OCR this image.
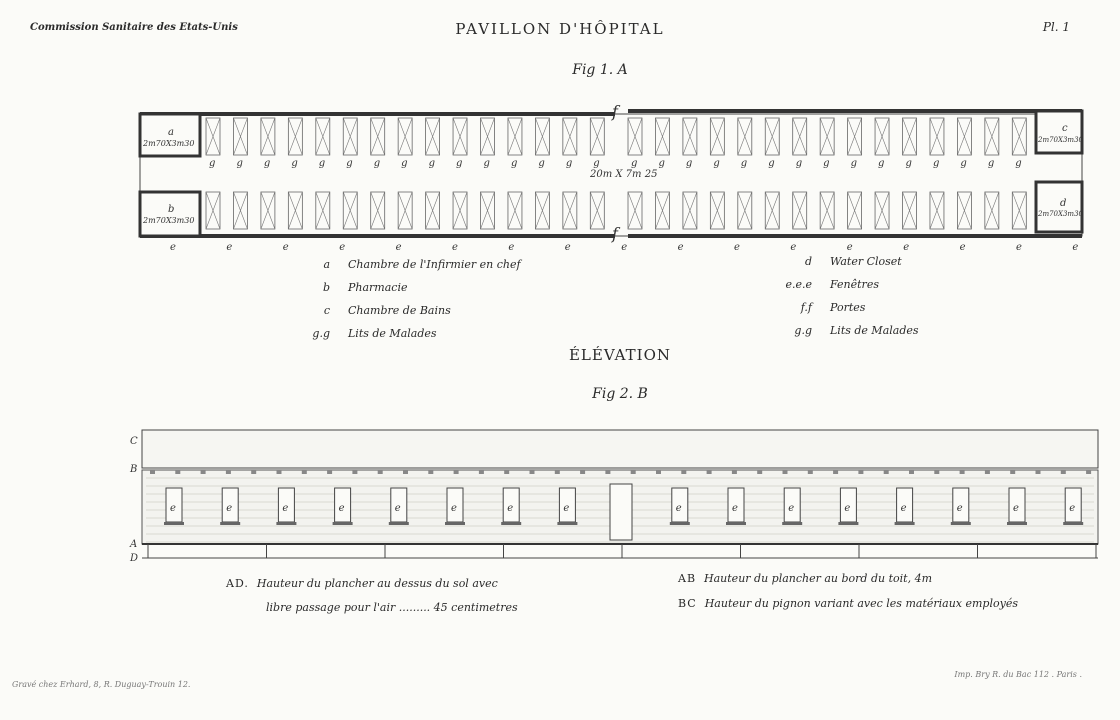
Commission Sanitaire des Etats-Unis	PAVILLON D'HÔPITAL	Pl. 1
Fig 1. A
a
2m70X3m30
b
2m70X3m30
c
2m70X3m30
d
2m70X3m30
f
f
20m X 7m 25
g g g g g g g g g g g g g g g	g g g g g g g g g g g g g g g
e	e	e	e	e	e	e	e	e	e	e	e	e	e	e	e	e
e	e	e	e	e	e	e	e	e	e	e	e	e	e	e	e
C
B
A
D
a Chambre de l'Infirmier en chef
b Pharmacie
c Chambre de Bains
g.g Lits de Malades
d Water Closet
e.e.e Fenêtres
f.f Portes
g.g Lits de Malades
ÉLÉVATION
Fig 2. B
AD. Hauteur du plancher au dessus du sol avec
libre passage pour l'air ......... 45 centimetres
AB Hauteur du plancher au bord du toit, 4m
BC Hauteur du pignon variant avec les matériaux employés
Gravé chez Erhard, 8, R. Duguay-Trouin 12.
Imp. Bry R. du Bac 112 . Paris .
